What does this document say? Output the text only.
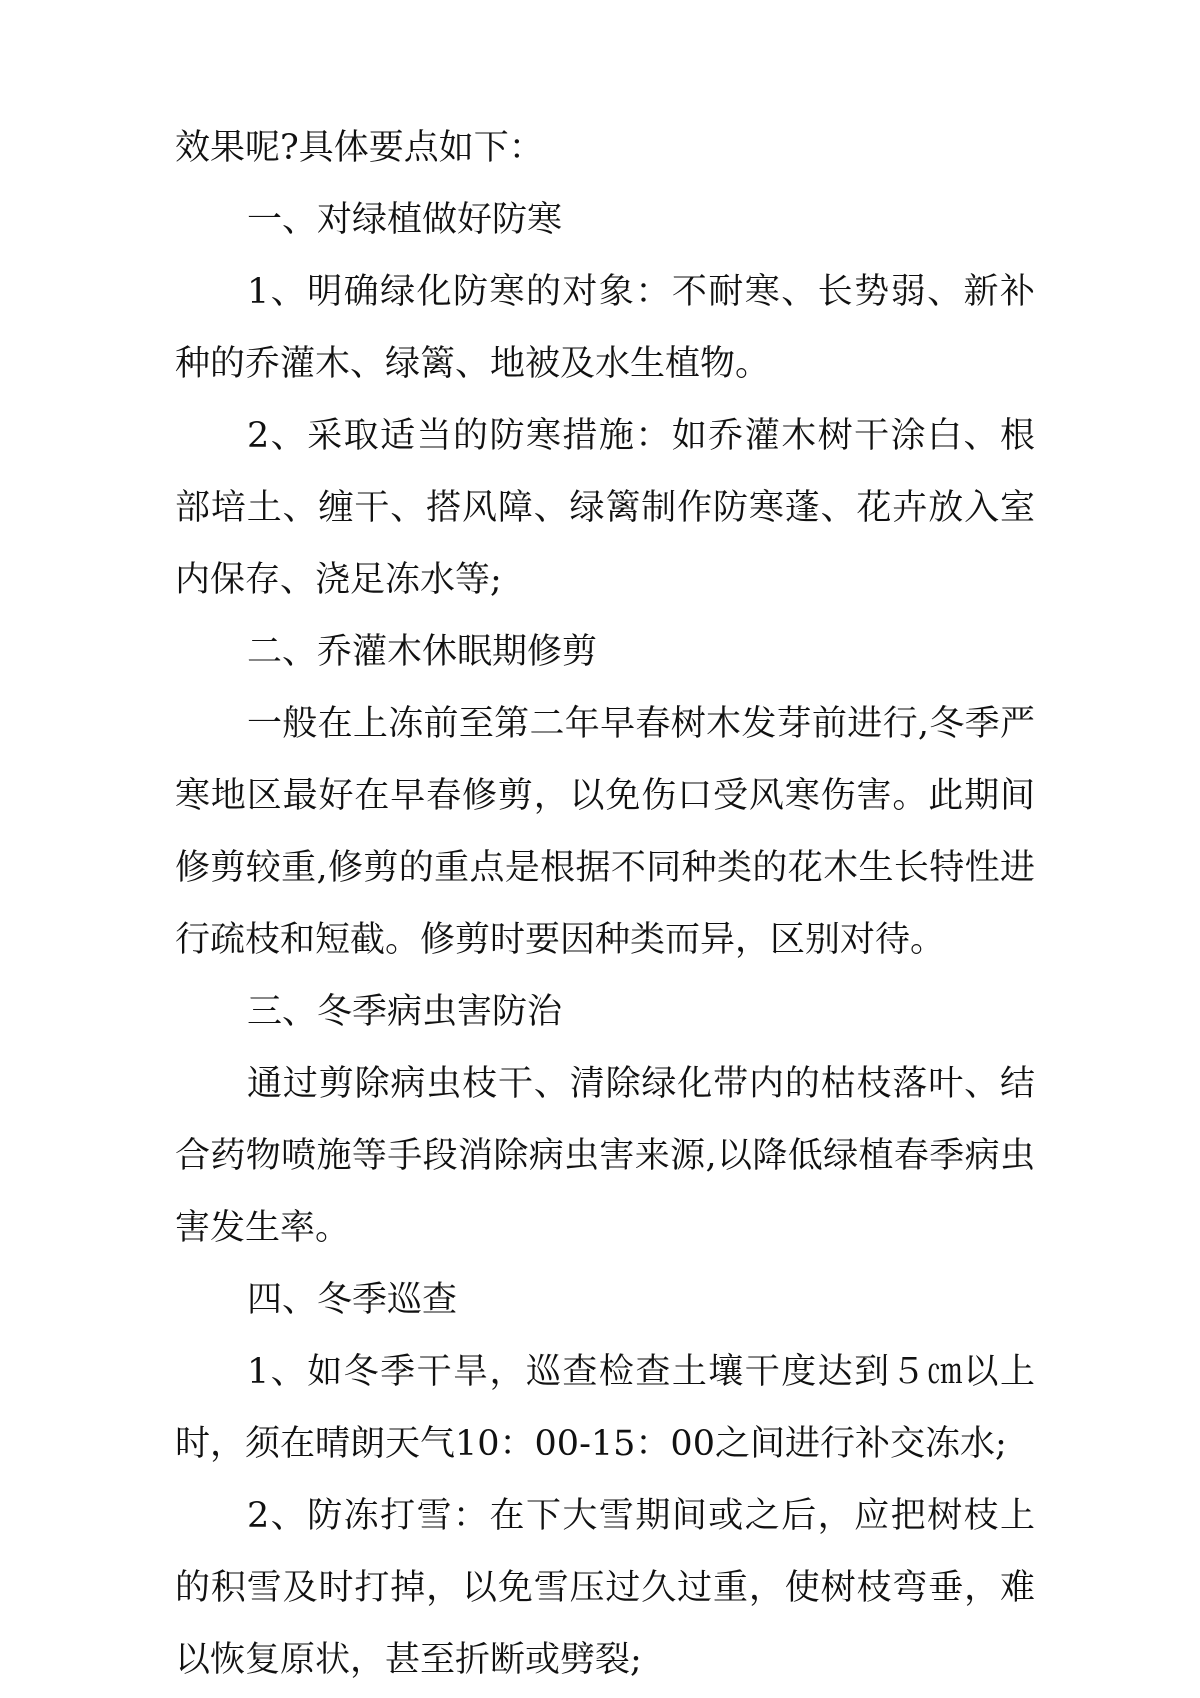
效果呢?具体要点如下：

一、对绿植做好防寒

1、明确绿化防寒的对象：不耐寒、长势弱、新补种的乔灌木、绿篱、地被及水生植物。

2、采取适当的防寒措施：如乔灌木树干涂白、根部培土、缠干、搭风障、绿篱制作防寒蓬、花卉放入室内保存、浇足冻水等;

二、乔灌木休眠期修剪

一般在上冻前至第二年早春树木发芽前进行,冬季严寒地区最好在早春修剪，以免伤口受风寒伤害。此期间修剪较重,修剪的重点是根据不同种类的花木生长特性进行疏枝和短截。修剪时要因种类而异，区别对待。

三、冬季病虫害防治

通过剪除病虫枝干、清除绿化带内的枯枝落叶、结合药物喷施等手段消除病虫害来源,以降低绿植春季病虫害发生率。

四、冬季巡查

1、如冬季干旱，巡查检查土壤干度达到５㎝以上时，须在晴朗天气10：00-15：00之间进行补交冻水;

2、防冻打雪：在下大雪期间或之后，应把树枝上的积雪及时打掉，以免雪压过久过重，使树枝弯垂，难以恢复原状，甚至折断或劈裂;
